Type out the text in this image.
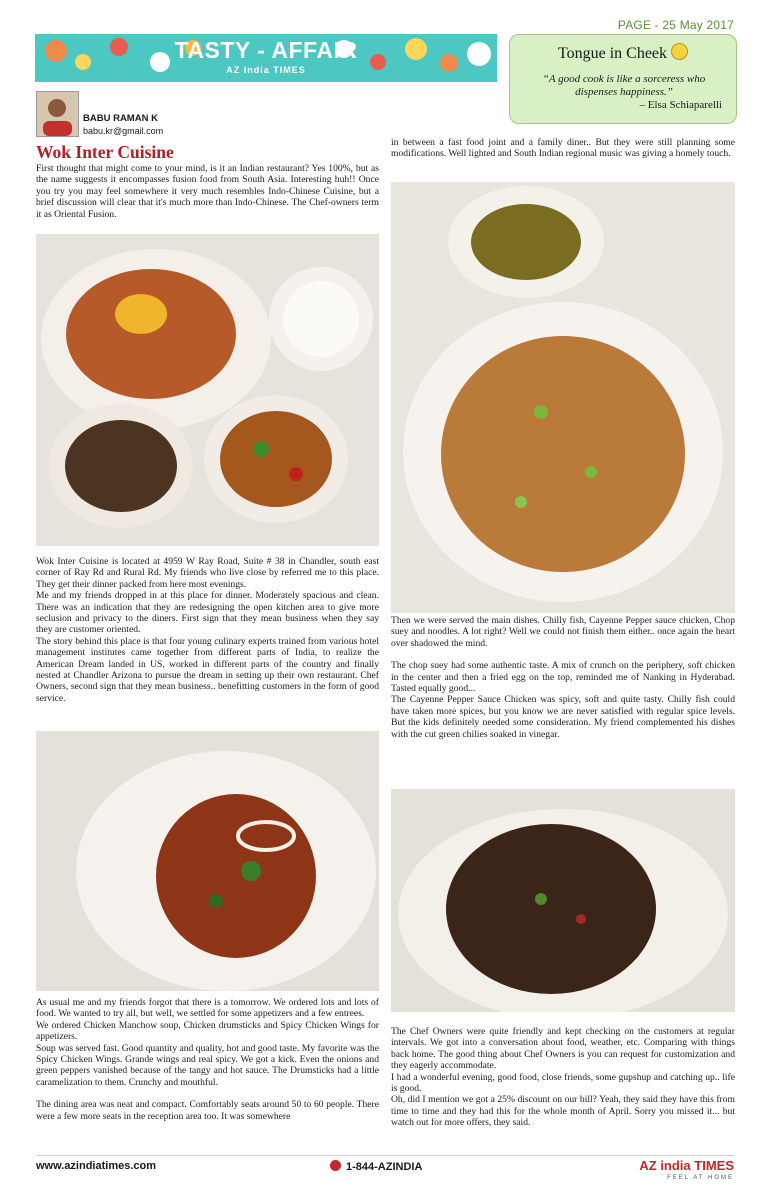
PAGE - 25 May 2017
TASTY - AFFAIR
AZ india TIMES
Tongue in Cheek
“A good cook is like a sorceress who dispenses happiness.”
– Elsa Schiaparelli
BABU RAMAN K
babu.kr@gmail.com
Wok Inter Cuisine

First thought that might come to your mind, is it an Indian restaurant? Yes 100%, but as the name suggests it encompasses fusion food from South Asia. Interesting huh!! Once you try you may feel somewhere it very much resembles Indo-Chinese Cuisine, but a brief discussion will clear that it's much more than Indo-Chinese. The Chef-owners term it as Oriental Fusion.

Wok Inter Cuisine is located at 4959 W Ray Road, Suite # 38 in Chandler, south east corner of Ray Rd and Rural Rd. My friends who live close by referred me to this place. They get their dinner packed from here most evenings.

Me and my friends dropped in at this place for dinner. Moderately spacious and clean. There was an indication that they are redesigning the open kitchen area to give more seclusion and privacy to the diners. First sign that they mean business when they say they are customer oriented.

The story behind this place is that four young culinary experts trained from various hotel management institutes came together from different parts of India, to realize the American Dream landed in US, worked in different parts of the country and finally nested at Chandler Arizona to pursue the dream in setting up their own restaurant. Chef Owners, second sign that they mean business.. benefitting customers in the form of good service.

As usual me and my friends forgot that there is a tomorrow. We ordered lots and lots of food. We wanted to try all, but well, we settled for some appetizers and a few entrees.

We ordered Chicken Manchow soup, Chicken drumsticks and Spicy Chicken Wings for appetizers.

Soup was served fast. Good quantity and quality, hot and good taste. My favorite was the Spicy Chicken Wings. Grande wings and real spicy. We got a kick. Even the onions and green peppers vanished because of the tangy and hot sauce. The Drumsticks had a little caramelization to them. Crunchy and mouthful.

The dining area was neat and compact. Comfortably seats around 50 to 60 people. There were a few more seats in the reception area too. It was somewhere

in between a fast food joint and a family diner.. But they were still planning some modifications. Well lighted and South Indian regional music was giving a homely touch.

Then we were served the main dishes. Chilly fish, Cayenne Pepper sauce chicken, Chop suey and noodles. A lot right? Well we could not finish them either.. once again the heart over shadowed the mind.

The chop suey had some authentic taste. A mix of crunch on the periphery, soft chicken in the center and then a fried egg on the top, reminded me of Nanking in Hyderabad. Tasted equally good...

The Cayenne Pepper Sauce Chicken was spicy, soft and quite tasty. Chilly fish could have taken more spices, but you know we are never satisfied with regular spice levels. But the kids definitely needed some consideration. My friend complemented his dishes with the cut green chilies soaked in vinegar.

The Chef Owners were quite friendly and kept checking on the customers at regular intervals. We got into a conversation about food, weather, etc. Comparing with things back home. The good thing about Chef Owners is you can request for customization and they eagerly accommodate.

I had a wonderful evening, good food, close friends, some gupshup and catching up.. life is good.

Oh, did I mention we got a 25% discount on our bill? Yeah, they said they have this from time to time and they had this for the whole month of April. Sorry you missed it... but watch out for more offers, they said.

www.azindiatimes.com	1-844-AZINDIA	AZ india TIMES
FEEL AT HOME
